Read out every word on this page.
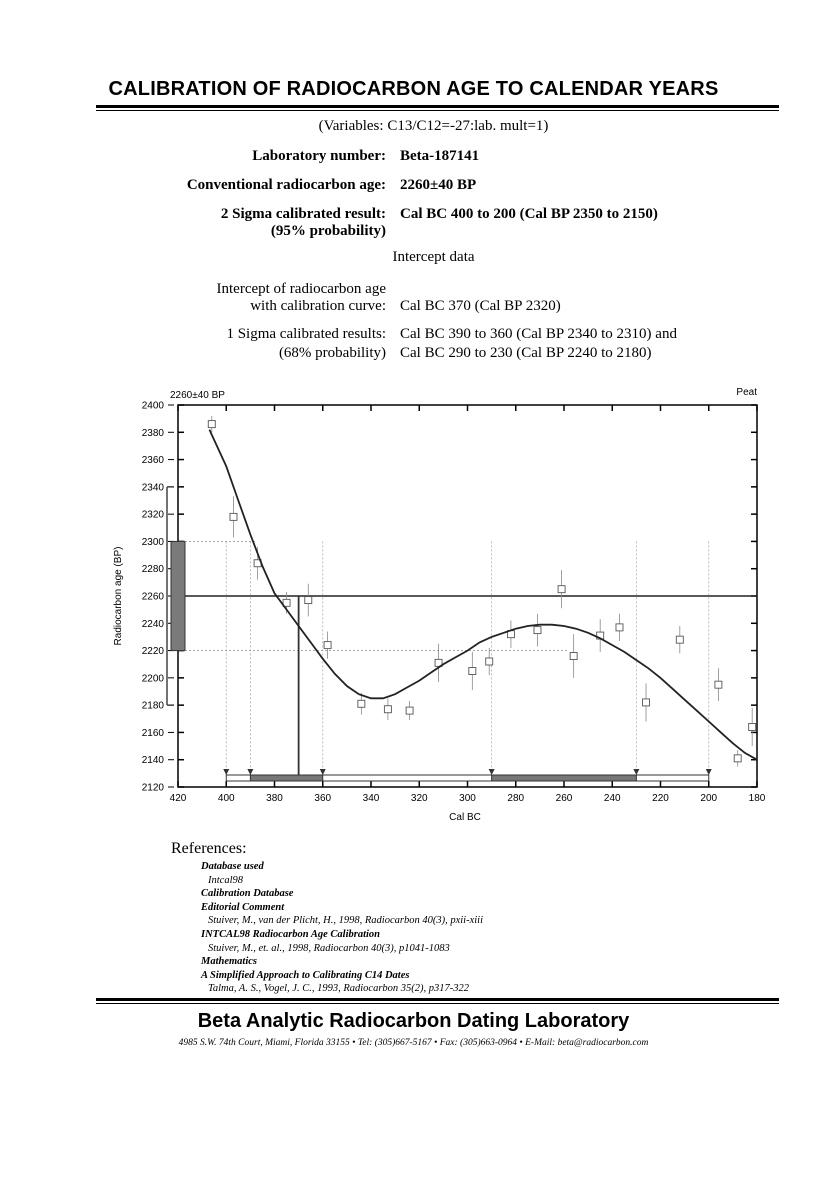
CALIBRATION OF RADIOCARBON AGE TO CALENDAR YEARS
(Variables: C13/C12=-27:lab. mult=1)
Laboratory number: Beta-187141
Conventional radiocarbon age: 2260±40 BP
2 Sigma calibrated result:
(95% probability)
Cal BC 400 to 200 (Cal BP 2350 to 2150)
Intercept data
Intercept of radiocarbon age
with calibration curve: Cal BC 370 (Cal BP 2320)
1 Sigma calibrated results:
(68% probability)
Cal BC 390 to 360 (Cal BP 2340 to 2310) and
Cal BC 290 to 230 (Cal BP 2240 to 2180)
2260±40 BP	Peat
Radiocarbon age (BP)
Cal BC
2120
2140
2160
2180
2200
2220
2240
2260
2280
2300
2320
2340
2360
2380
2400
420	400	380	360	340	320	300	280	260	240	220	200	180
References:
Database used
Intcal98
Calibration Database
Editorial Comment
Stuiver, M., van der Plicht, H., 1998, Radiocarbon 40(3), pxii-xiii
INTCAL98 Radiocarbon Age Calibration
Stuiver, M., et. al., 1998, Radiocarbon 40(3), p1041-1083
Mathematics
A Simplified Approach to Calibrating C14 Dates
Talma, A. S., Vogel, J. C., 1993, Radiocarbon 35(2), p317-322
Beta Analytic Radiocarbon Dating Laboratory
4985 S.W. 74th Court, Miami, Florida 33155 • Tel: (305)667-5167 • Fax: (305)663-0964 • E-Mail: beta@radiocarbon.com
